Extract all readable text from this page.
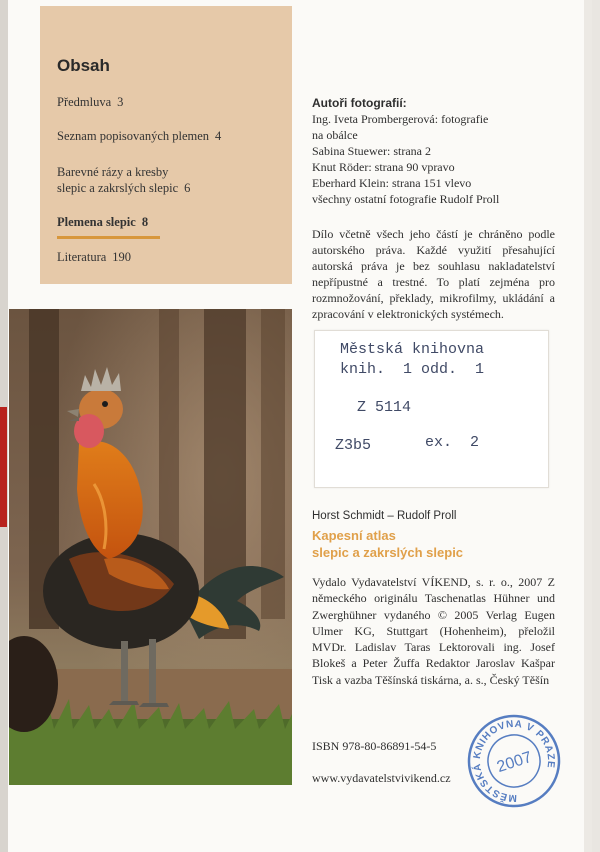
Obsah
Předmluva 3
Seznam popisovaných plemen 4
Barevné rázy a kresby
slepic a zakrslých slepic 6
Plemena slepic 8
Literatura 190
Autoři fotografií:
Ing. Iveta Prombergerová: fotografie
na obálce
Sabina Stuewer: strana 2
Knut Röder: strana 90 vpravo
Eberhard Klein: strana 151 vlevo
všechny ostatní fotografie Rudolf Proll
Dílo včetně všech jeho částí je chráněno podle autorského práva. Každé využití přesahující autorská práva je bez souhlasu nakladatelství nepřípustné a trestné. To platí zejména pro rozmnožování, překlady, mikrofilmy, ukládání a zpracování v elektronických systémech.
Městská knihovna
knih.  1 odd.  1
Z 5114
Z3b5	ex.  2
Horst Schmidt – Rudolf Proll
Kapesní atlas
slepic a zakrslých slepic
Vydalo Vydavatelství VÍKEND, s. r. o., 2007 Z německého originálu Taschenatlas Hühner und Zwerghühner vydaného © 2005 Verlag Eugen Ulmer KG, Stuttgart (Hohenheim), přeložil MVDr. Ladislav Taras Lektorovali ing. Josef Blokeš a Peter Žuffa Redaktor Jaroslav Kašpar Tisk a vazba Těšínská tiskárna, a. s., Český Těšín
ISBN 978-80-86891-54-5
www.vydavatelstvivikend.cz
MĚSTSKÁ KNIHOVNA V PRAZE
2007
